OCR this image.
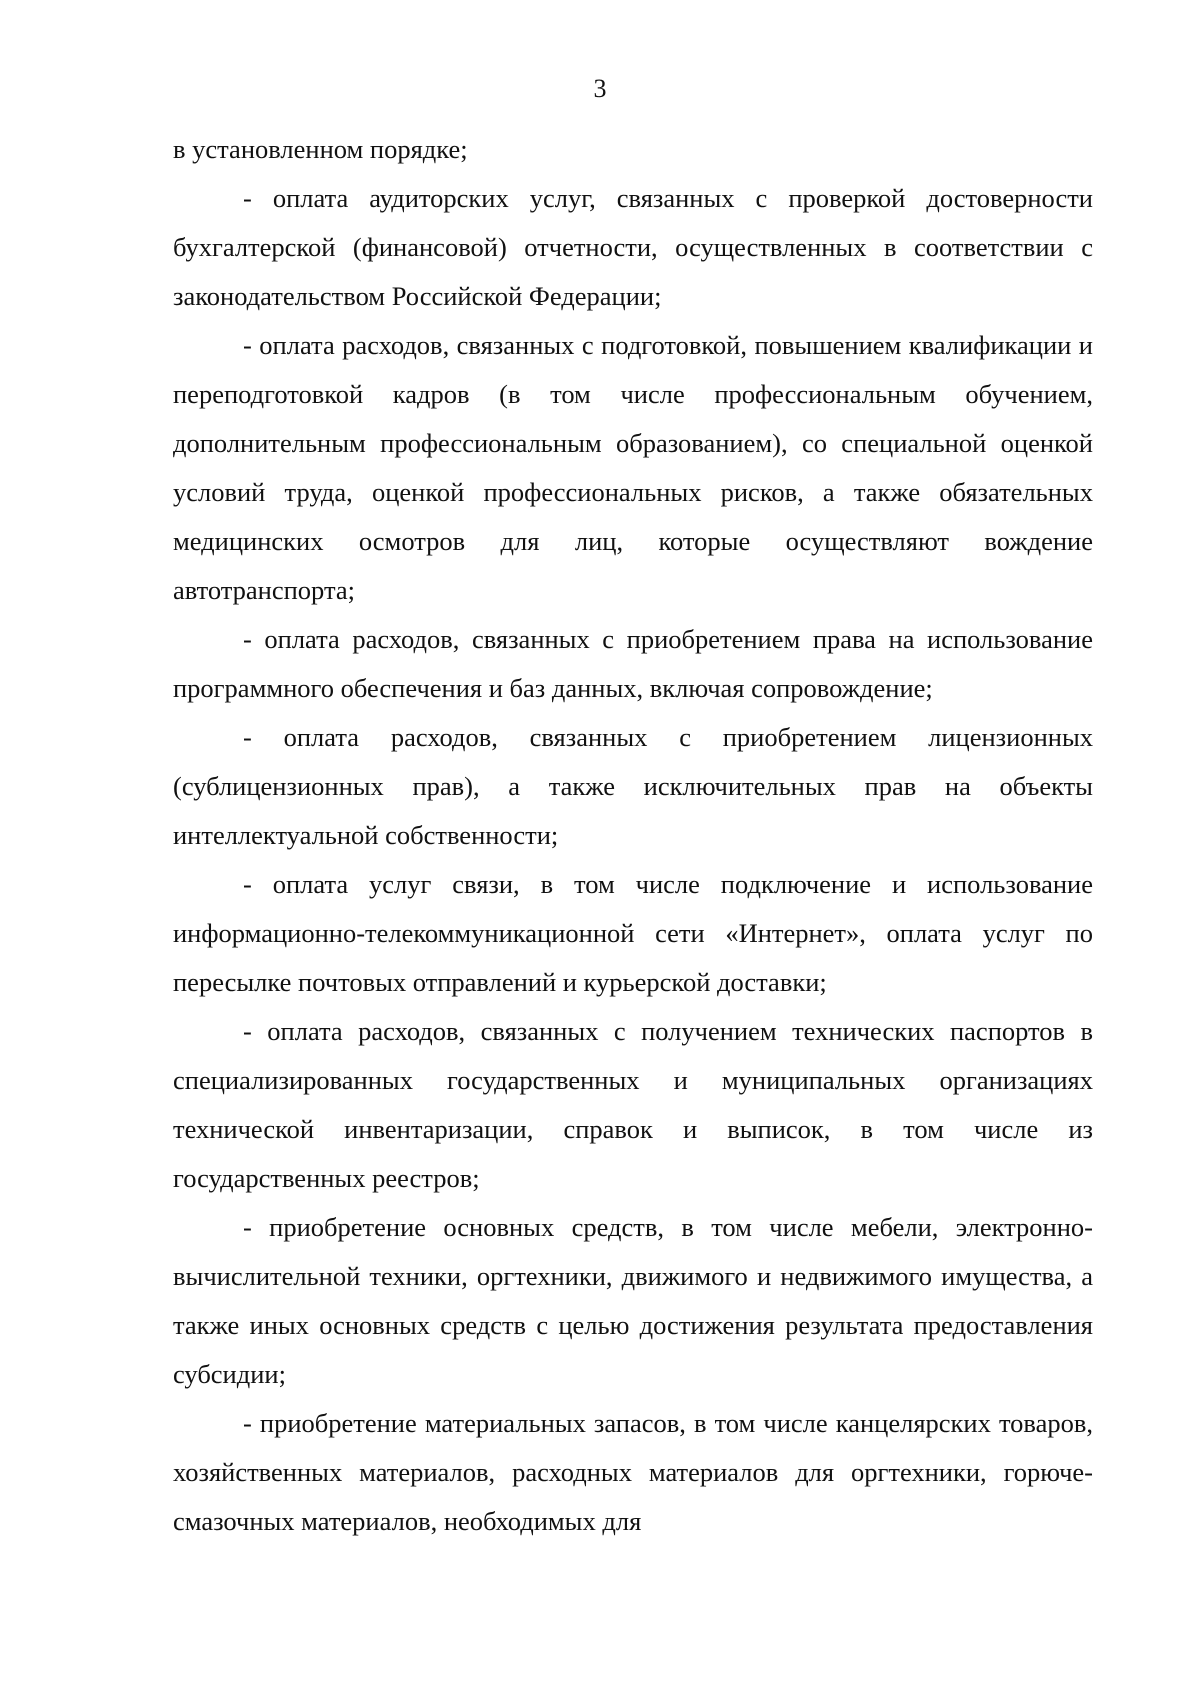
3

в установленном порядке;

- оплата аудиторских услуг, связанных с проверкой достоверности бухгалтерской (финансовой) отчетности, осуществленных в соответствии с законодательством Российской Федерации;

- оплата расходов, связанных с подготовкой, повышением квалификации и переподготовкой кадров (в том числе профессиональным обучением, дополнительным профессиональным образованием), со специальной оценкой условий труда, оценкой профессиональных рисков, а также обязательных медицинских осмотров для лиц, которые осуществляют вождение автотранспорта;

- оплата расходов, связанных с приобретением права на использование программного обеспечения и баз данных, включая сопровождение;

- оплата расходов, связанных с приобретением лицензионных (сублицензионных прав), а также исключительных прав на объекты интеллектуальной собственности;

- оплата услуг связи, в том числе подключение и использование информационно-телекоммуникационной сети «Интернет», оплата услуг по пересылке почтовых отправлений и курьерской доставки;

- оплата расходов, связанных с получением технических паспортов в специализированных государственных и муниципальных организациях технической инвентаризации, справок и выписок, в том числе из государственных реестров;

- приобретение основных средств, в том числе мебели, электронно-вычислительной техники, оргтехники, движимого и недвижимого имущества, а также иных основных средств с целью достижения результата предоставления субсидии;

- приобретение материальных запасов, в том числе канцелярских товаров, хозяйственных материалов, расходных материалов для оргтехники, горюче-смазочных материалов, необходимых для
